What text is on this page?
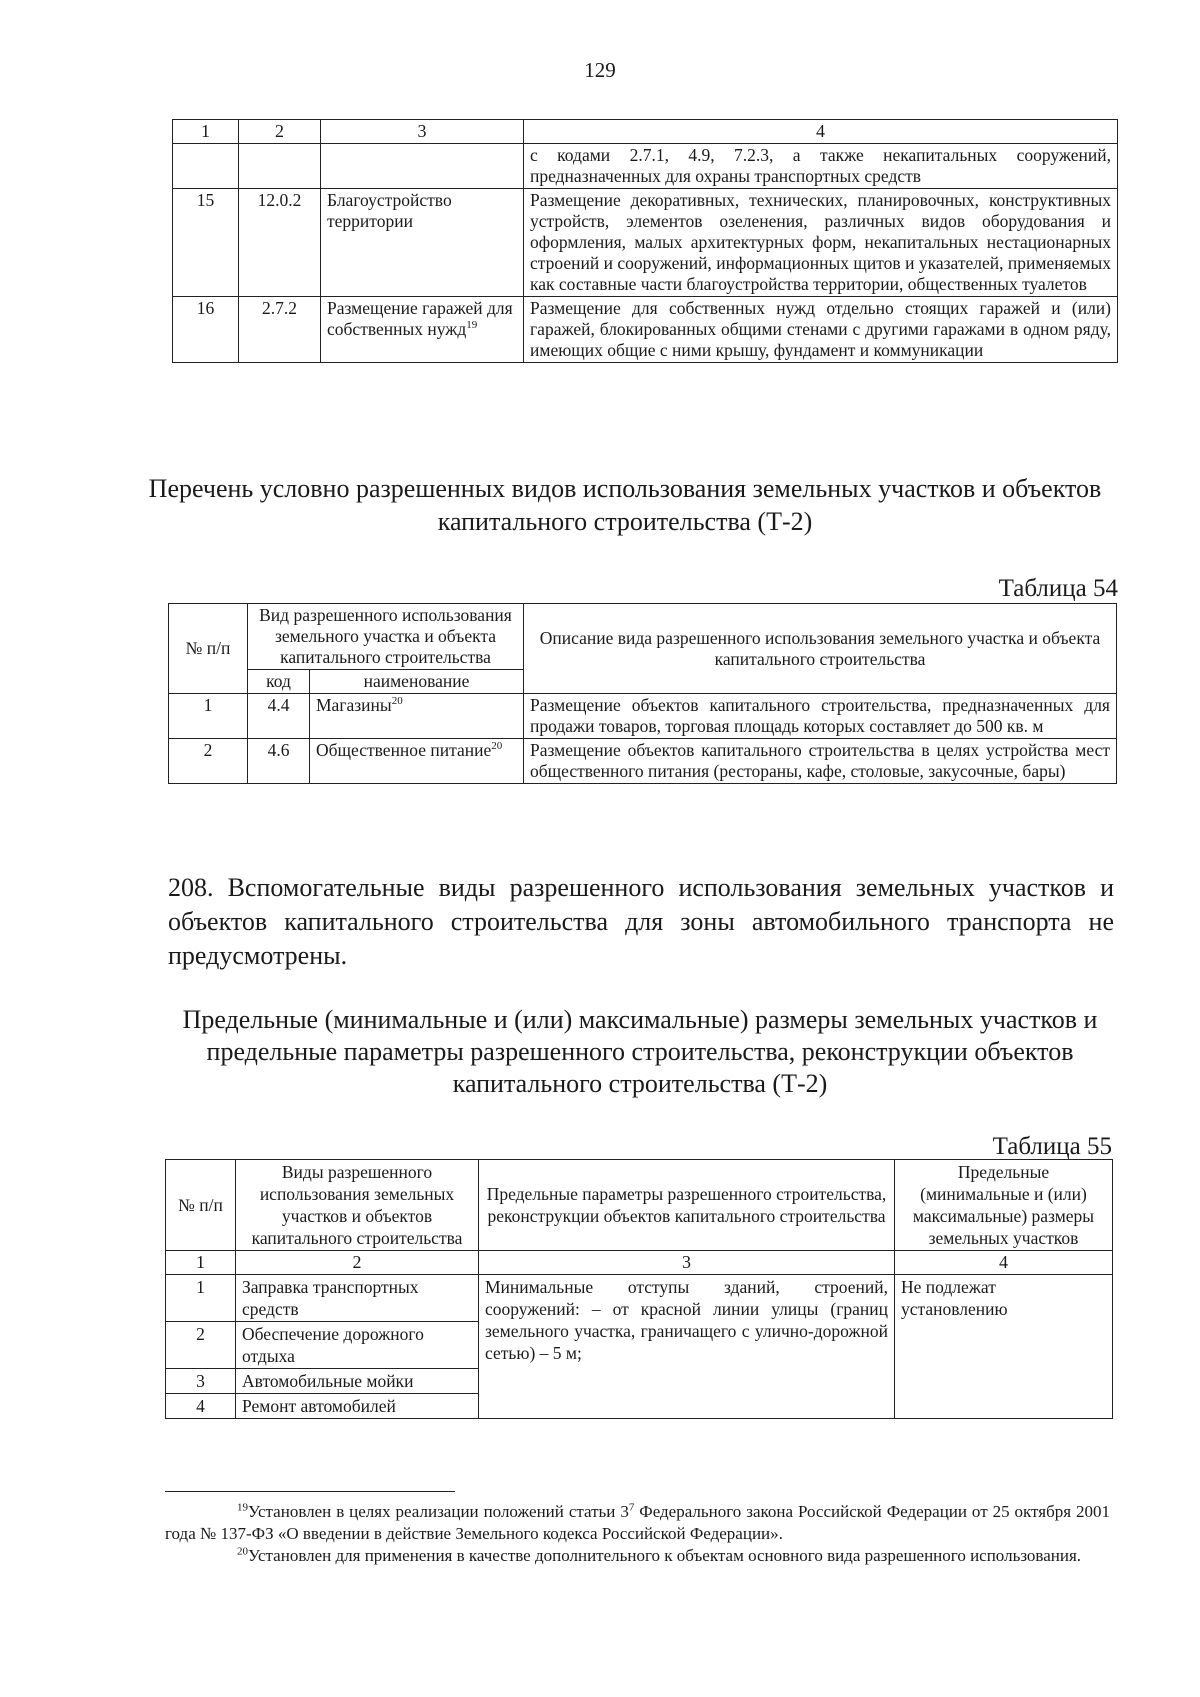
129
1	2	3	4
			с кодами 2.7.1, 4.9, 7.2.3, а также некапитальных сооружений, предназначенных для охраны транспортных средств
15	12.0.2	Благоустройство территории	Размещение декоративных, технических, планировочных, конструктивных устройств, элементов озеленения, различных видов оборудования и оформления, малых архитектурных форм, некапитальных нестационарных строений и сооружений, информационных щитов и указателей, применяемых как составные части благоустройства территории, общественных туалетов
16	2.7.2	Размещение гаражей для собственных нужд$^{19}$	Размещение для собственных нужд отдельно стоящих гаражей и (или) гаражей, блокированных общими стенами с другими гаражами в одном ряду, имеющих общие с ними крышу, фундамент и коммуникации
Перечень условно разрешенных видов использования земельных участков и объектов капитального строительства (Т-2)
Таблица 54
№ п/п	Вид разрешенного использования земельного участка и объекта капитального строительства		Описание вида разрешенного использования земельного участка и объекта капитального строительства
	код	наименование	
1	4.4	Магазины$^{20}$	Размещение объектов капитального строительства, предназначенных для продажи товаров, торговая площадь которых составляет до 500 кв. м
2	4.6	Общественное питание$^{20}$	Размещение объектов капитального строительства в целях устройства мест общественного питания (рестораны, кафе, столовые, закусочные, бары)
208. Вспомогательные виды разрешенного использования земельных участков и объектов капитального строительства для зоны автомобильного транспорта не предусмотрены.
Предельные (минимальные и (или) максимальные) размеры земельных участков и предельные параметры разрешенного строительства, реконструкции объектов капитального строительства (Т-2)
Таблица 55
№ п/п	Виды разрешенного использования земельных участков и объектов капитального строительства	Предельные параметры разрешенного строительства, реконструкции объектов капитального строительства	Предельные (минимальные и (или) максимальные) размеры земельных участков
1	2	3	4
1	Заправка транспортных средств	Минимальные отступы зданий, строений, сооружений: – от красной линии улицы (границ земельного участка, граничащего с улично-дорожной сетью) – 5 м;	Не подлежат установлению
2	Обеспечение дорожного отдыха		
3	Автомобильные мойки		
4	Ремонт автомобилей		

$^{19}$Установлен в целях реализации положений статьи $3^7$ Федерального закона Российской Федерации от 25 октября 2001 года № 137-ФЗ «О введении в действие Земельного кодекса Российской Федерации».

$^{20}$Установлен для применения в качестве дополнительного к объектам основного вида разрешенного использования.
